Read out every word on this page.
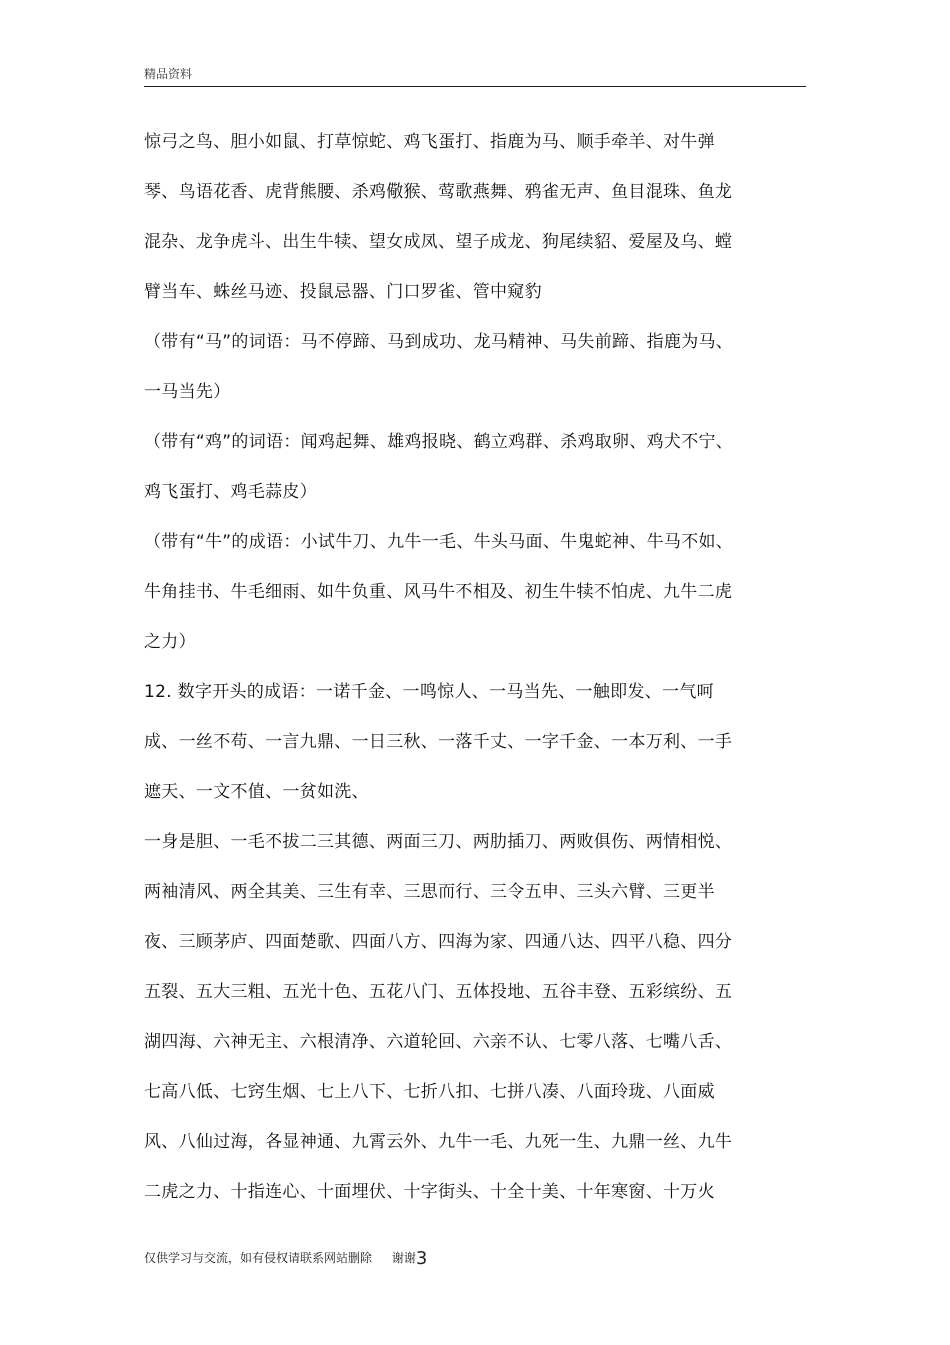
精品资料
惊弓之鸟、胆小如鼠、打草惊蛇、鸡飞蛋打、指鹿为马、顺手牵羊、对牛弹
琴、鸟语花香、虎背熊腰、杀鸡儆猴、莺歌燕舞、鸦雀无声、鱼目混珠、鱼龙
混杂、龙争虎斗、出生牛犊、望女成凤、望子成龙、狗尾续貂、爱屋及乌、螳
臂当车、蛛丝马迹、投鼠忌器、门口罗雀、管中窥豹
（带有“马”的词语：马不停蹄、马到成功、龙马精神、马失前蹄、指鹿为马、
一马当先）
（带有“鸡”的词语：闻鸡起舞、雄鸡报晓、鹤立鸡群、杀鸡取卵、鸡犬不宁、
鸡飞蛋打、鸡毛蒜皮）
（带有“牛”的成语：小试牛刀、九牛一毛、牛头马面、牛鬼蛇神、牛马不如、
牛角挂书、牛毛细雨、如牛负重、风马牛不相及、初生牛犊不怕虎、九牛二虎
之力）
12. 数字开头的成语：一诺千金、一鸣惊人、一马当先、一触即发、一气呵
成、一丝不苟、一言九鼎、一日三秋、一落千丈、一字千金、一本万利、一手
遮天、一文不值、一贫如洗、
一身是胆、一毛不拔二三其德、两面三刀、两肋插刀、两败俱伤、两情相悦、
两袖清风、两全其美、三生有幸、三思而行、三令五申、三头六臂、三更半
夜、三顾茅庐、四面楚歌、四面八方、四海为家、四通八达、四平八稳、四分
五裂、五大三粗、五光十色、五花八门、五体投地、五谷丰登、五彩缤纷、五
湖四海、六神无主、六根清净、六道轮回、六亲不认、七零八落、七嘴八舌、
七高八低、七窍生烟、七上八下、七折八扣、七拼八凑、八面玲珑、八面威
风、八仙过海，各显神通、九霄云外、九牛一毛、九死一生、九鼎一丝、九牛
二虎之力、十指连心、十面埋伏、十字街头、十全十美、十年寒窗、十万火
仅供学习与交流，如有侵权请联系网站删除 谢谢3
